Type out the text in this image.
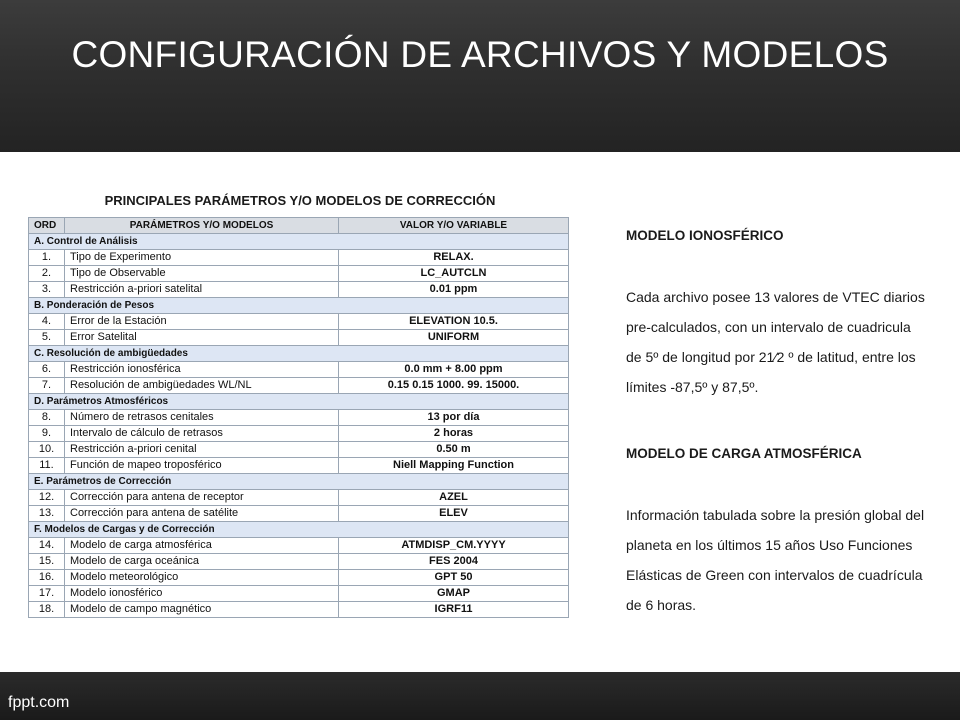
CONFIGURACIÓN DE ARCHIVOS Y MODELOS
PRINCIPALES PARÁMETROS Y/O MODELOS DE CORRECCIÓN
ORD	PARÁMETROS Y/O MODELOS	VALOR Y/O VARIABLE
A. Control de Análisis		
1.	Tipo de Experimento	RELAX.
2.	Tipo de Observable	LC_AUTCLN
3.	Restricción a-priori satelital	0.01 ppm
B. Ponderación de Pesos		
4.	Error de la Estación	ELEVATION 10.5.
5.	Error Satelital	UNIFORM
C. Resolución de ambigüedades		
6.	Restricción ionosférica	0.0 mm + 8.00 ppm
7.	Resolución de ambigüedades WL/NL	0.15 0.15 1000. 99. 15000.
D. Parámetros Atmosféricos		
8.	Número de retrasos cenitales	13 por día
9.	Intervalo de cálculo de retrasos	2 horas
10.	Restricción a-priori cenital	0.50 m
11.	Función de mapeo troposférico	Niell Mapping Function
E. Parámetros de Corrección		
12.	Corrección para antena de receptor	AZEL
13.	Corrección para antena de satélite	ELEV
F. Modelos de Cargas y de Corrección		
14.	Modelo de carga atmosférica	ATMDISP_CM.YYYY
15.	Modelo de carga oceánica	FES 2004
16.	Modelo meteorológico	GPT 50
17.	Modelo ionosférico	GMAP
18.	Modelo de campo magnético	IGRF11
MODELO IONOSFÉRICO

Cada archivo posee 13 valores de VTEC diarios pre-calculados, con un intervalo de cuadricula de 5º de longitud por 21⁄2 º de latitud, entre los límites -87,5º y 87,5º.

MODELO DE CARGA ATMOSFÉRICA

Información tabulada sobre la presión global del planeta en los últimos 15 años Uso Funciones Elásticas de Green con intervalos de cuadrícula de 6 horas.

fppt.com
